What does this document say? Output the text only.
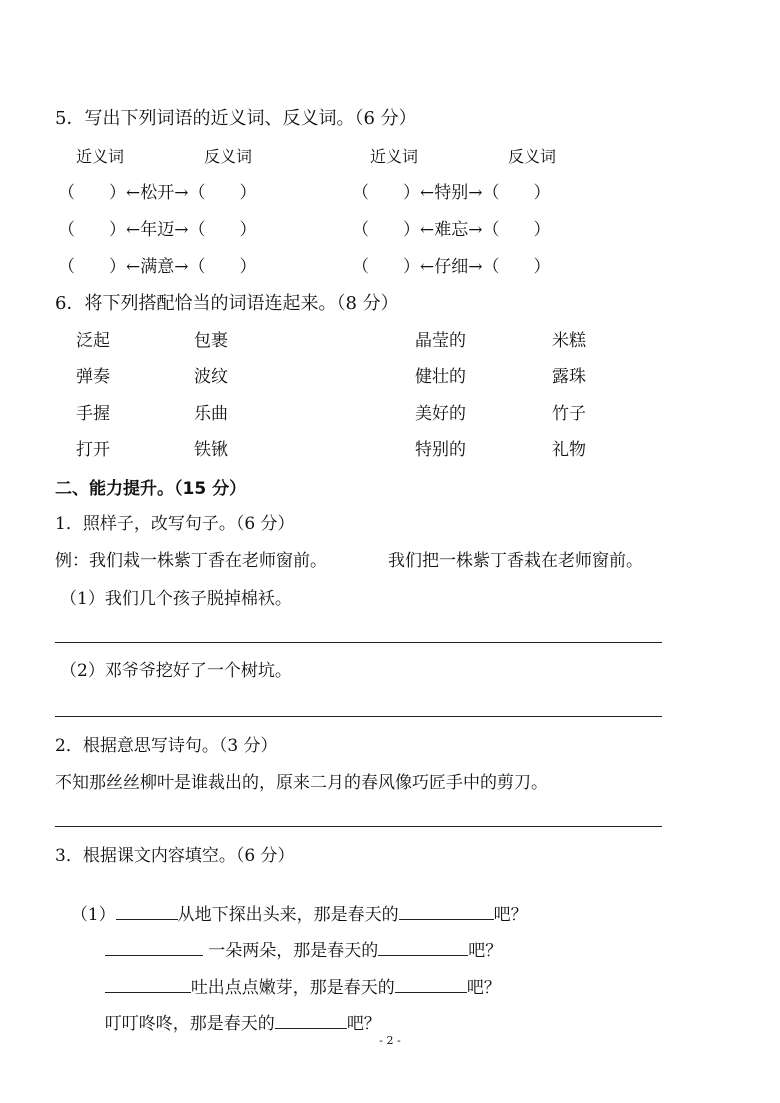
5．写出下列词语的近义词、反义词。（6 分）
近义词	反义词	近义词	反义词
（　　）←松开→（　　）	（　　）←特别→（　　）
（　　）←年迈→（　　）	（　　）←难忘→（　　）
（　　）←满意→（　　）	（　　）←仔细→（　　）
6．将下列搭配恰当的词语连起来。（8 分）
泛起	包裹	晶莹的	米糕
弹奏	波纹	健壮的	露珠
手握	乐曲	美好的	竹子
打开	铁锹	特别的	礼物
二、能力提升。（15 分）
1．照样子，改写句子。（6 分）
例：我们栽一株紫丁香在老师窗前。	我们把一株紫丁香栽在老师窗前。
（1）我们几个孩子脱掉棉袄。
（2）邓爷爷挖好了一个树坑。
2．根据意思写诗句。（3 分）
不知那丝丝柳叶是谁裁出的，原来二月的春风像巧匠手中的剪刀。
3．根据课文内容填空。（6 分）

（1）	从地下探出头来，那是春天的	吧？

一朵两朵，那是春天的	吧？

吐出点点嫩芽，那是春天的	吧？

叮叮咚咚，那是春天的	吧？

- 2 -
